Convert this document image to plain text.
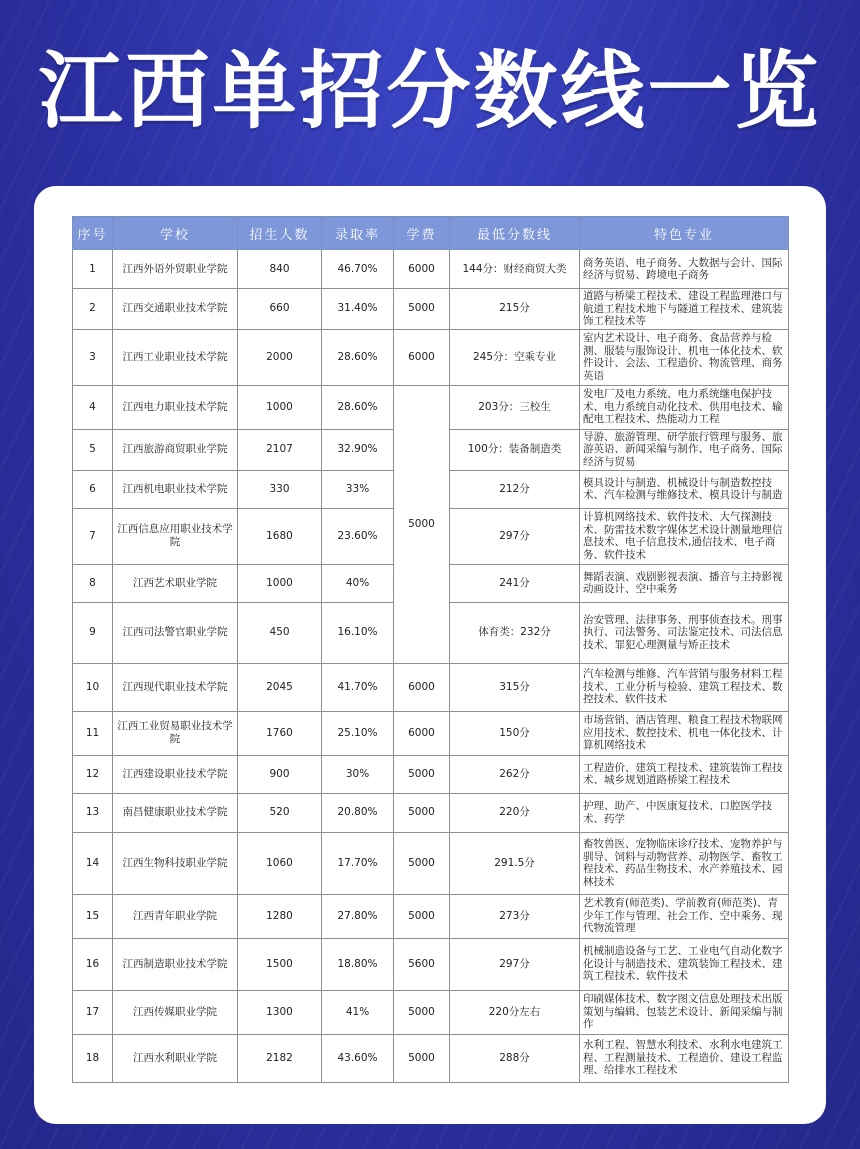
江西单招分数线一览
序号	学校	招生人数	录取率	学费	最低分数线	特色专业
1	江西外语外贸职业学院	840	46.70%	6000	144分：财经商贸大类	商务英语、电子商务、大数据与会计、国际经济与贸易、跨境电子商务
2	江西交通职业技术学院	660	31.40%	5000	215分	道路与桥梁工程技术、建设工程监理港口与航道工程技术地下与隧道工程技术、建筑装饰工程技术等
3	江西工业职业技术学院	2000	28.60%	6000	245分：空乘专业	室内艺术设计、电子商务、食品营养与检测、服装与服饰设计、机电一体化技术、软件设计、会法、工程造价、物流管理、商务英语
4	江西电力职业技术学院	1000	28.60%	5000	203分：三校生	发电厂及电力系统、电力系统继电保护技术、电力系统自动化技术、供用电技术、输配电工程技术、热能动力工程
5	江西旅游商贸职业学院	2107	32.90%		100分：装备制造类	导游、旅游管理、研学旅行管理与服务、旅游英语、新闻采编与制作、电子商务、国际经济与贸易
6	江西机电职业技术学院	330	33%		212分	模具设计与制造、机械设计与制造数控技术、汽车检测与维修技术、模具设计与制造
7	江西信息应用职业技术学院	1680	23.60%		297分	计算机网络技术、软件技术、大气探测技术、防雷技术数字媒体艺术设计测量地理信息技术、电子信息技术,通信技术、电子商务、软件技术
8	江西艺术职业学院	1000	40%		241分	舞蹈表演、戏剧影视表演、播音与主持影视动画设计、空中乘务
9	江西司法警官职业学院	450	16.10%		体育类：232分	治安管理、法律事务、刑事侦查技术。刑事执行、司法警务、司法鉴定技术、司法信息技术、罪犯心理测量与矫正技术
10	江西现代职业技术学院	2045	41.70%	6000	315分	汽车检测与维修、汽车营销与服务材料工程技术、工业分析与检验、建筑工程技术、数控技术、软件技术
11	江西工业贸易职业技术学院	1760	25.10%	6000	150分	市场营销、酒店管理、粮食工程技术物联网应用技术、数控技术、机电一体化技术、计算机网络技术
12	江西建设职业技术学院	900	30%	5000	262分	工程造价、建筑工程技术、建筑装饰工程技术、城乡规划道路桥梁工程技术
13	南昌健康职业技术学院	520	20.80%	5000	220分	护理、助产、中医康复技术、口腔医学技术、药学
14	江西生物科技职业学院	1060	17.70%	5000	291.5分	畜牧兽医、宠物临床诊疗技术、宠物养护与驯导、饲料与动物营养、动物医学、畜牧工程技术、药品生物技术、水产养殖技术、园林技术
15	江西青年职业学院	1280	27.80%	5000	273分	艺术教育(师范类)、学前教育(师范类)、青少年工作与管理、社会工作、空中乘务、现代物流管理
16	江西制造职业技术学院	1500	18.80%	5600	297分	机械制造设备与工艺、工业电气自动化数字化设计与制造技术、建筑装饰工程技术、建筑工程技术、软件技术
17	江西传媒职业学院	1300	41%	5000	220分左右	印刷媒体技术、数字图文信息处理技术出版策划与编辑、包装艺术设计、新闻采编与制作
18	江西水利职业学院	2182	43.60%	5000	288分	水利工程、智慧水利技术、水利水电建筑工程、工程测量技术、工程造价、建设工程监理、给排水工程技术
